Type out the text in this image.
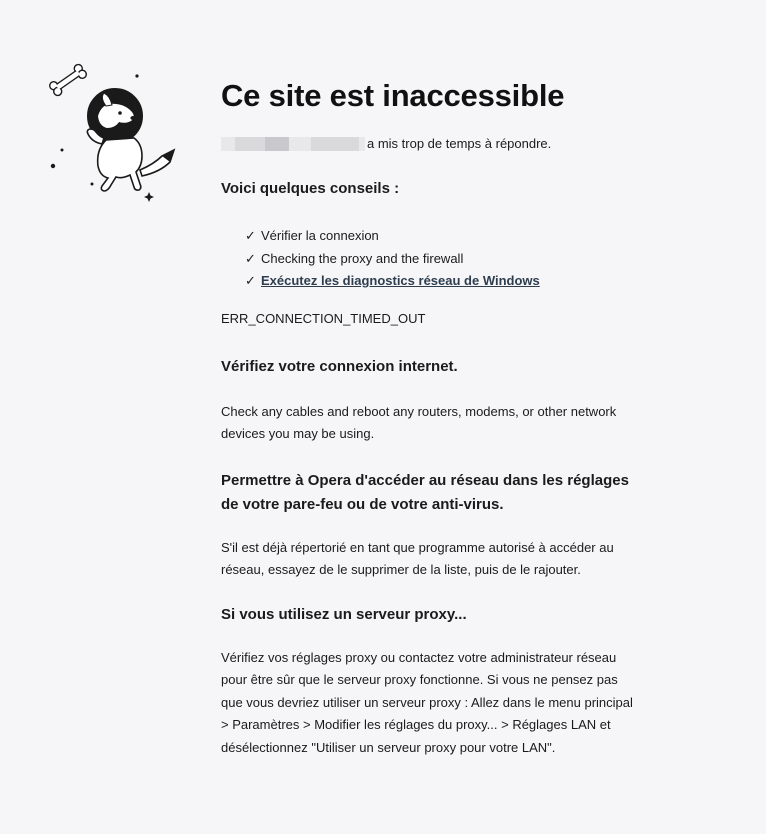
Ce site est inaccessible
a mis trop de temps à répondre.
Voici quelques conseils :
✓ Vérifier la connexion
✓ Checking the proxy and the firewall
✓ Exécutez les diagnostics réseau de Windows
ERR_CONNECTION_TIMED_OUT
Vérifiez votre connexion internet.

Check any cables and reboot any routers, modems, or other network devices you may be using.

Permettre à Opera d'accéder au réseau dans les réglages de votre pare-feu ou de votre anti-virus.

S'il est déjà répertorié en tant que programme autorisé à accéder au réseau, essayez de le supprimer de la liste, puis de le rajouter.

Si vous utilisez un serveur proxy...

Vérifiez vos réglages proxy ou contactez votre administrateur réseau pour être sûr que le serveur proxy fonctionne. Si vous ne pensez pas que vous devriez utiliser un serveur proxy : Allez dans le menu principal > Paramètres > Modifier les réglages du proxy... > Réglages LAN et désélectionnez "Utiliser un serveur proxy pour votre LAN".
